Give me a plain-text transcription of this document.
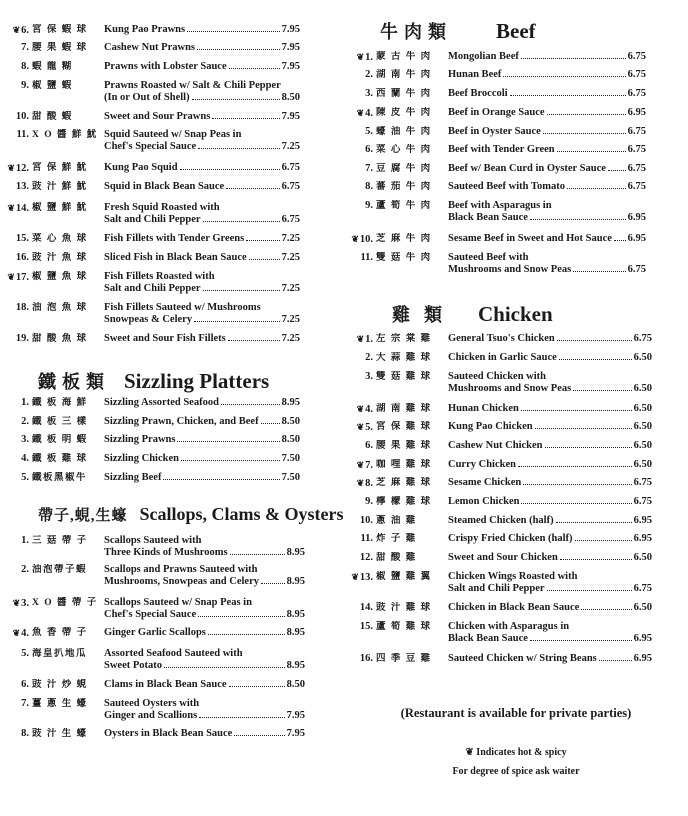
❦6. 宮 保 蝦 球	Kung Pao Prawns	7.95
7. 腰 果 蝦 球	Cashew Nut Prawns	7.95
8. 蝦 龍 糊	Prawns with Lobster Sauce	7.95
9. 椒 鹽 蝦	Prawns Roasted w/ Salt & Chili Pepper
(In or Out of Shell)	8.50
10. 甜 酸 蝦	Sweet and Sour Prawns	7.95
11. X O 醬 鮮 魷 Squid Sauteed w/ Snap Peas in
Chef's Special Sauce	7.25
❦12. 宮 保 鮮 魷	Kung Pao Squid	6.75
13. 豉 汁 鮮 魷	Squid in Black Bean Sauce	6.75
❦14. 椒 鹽 鮮 魷	Fresh Squid Roasted with
Salt and Chili Pepper	6.75
15. 菜 心 魚 球	Fish Fillets with Tender Greens	7.25
16. 豉 汁 魚 球	Sliced Fish in Black Bean Sauce	7.25
❦17. 椒 鹽 魚 球	Fish Fillets Roasted with
Salt and Chili Pepper	7.25
18. 油 泡 魚 球	Fish Fillets Sauteed w/ Mushrooms
Snowpeas & Celery	7.25
19. 甜 酸 魚 球	Sweet and Sour Fish Fillets	7.25
鐵板類 Sizzling Platters
1. 鐵 板 海 鮮	Sizzling Assorted Seafood	8.95
2. 鐵 板 三 樣	Sizzling Prawn, Chicken, and Beef 8.50
3. 鐵 板 明 蝦	Sizzling Prawns	8.50
4. 鐵 板 雞 球	Sizzling Chicken	7.50
5. 鐵板黑椒牛	Sizzling Beef	7.50
帶子,蜆,生蠔 Scallops, Clams & Oysters
1. 三 菇 帶 子	Scallops Sauteed with
Three Kinds of Mushrooms	8.95
2. 油泡帶子蝦	Scallops and Prawns Sauteed with
Mushrooms, Snowpeas and Celery	8.95
❦3. X O 醬 帶 子 Scallops Sauteed w/ Snap Peas in
Chef's Special Sauce	8.95
❦4. 魚 香 帶 子	Ginger Garlic Scallops	8.95
5. 海皇扒地瓜	Assorted Seafood Sauteed with
Sweet Potato	8.95
6. 豉 汁 炒 蜆	Clams in Black Bean Sauce	8.50
7. 薑 蔥 生 蠔	Sauteed Oysters with
Ginger and Scallions	7.95
8. 豉 汁 生 蠔	Oysters in Black Bean Sauce	7.95
牛肉類 Beef
❦1. 蒙 古 牛 肉	Mongolian Beef	6.75
2. 湖 南 牛 肉	Hunan Beef	6.75
3. 西 蘭 牛 肉	Beef Broccoli	6.75
❦4. 陳 皮 牛 肉	Beef in Orange Sauce	6.95
5. 蠔 油 牛 肉	Beef in Oyster Sauce	6.75
6. 菜 心 牛 肉	Beef with Tender Green	6.75
7. 豆 腐 牛 肉	Beef w/ Bean Curd in Oyster Sauce 6.75
8. 蕃 茄 牛 肉	Sauteed Beef with Tomato	6.75
9. 蘆 筍 牛 肉	Beef with Asparagus in
Black Bean Sauce	6.95
❦10. 芝 麻 牛 肉	Sesame Beef in Sweet and Hot Sauce 6.95
11. 雙 菇 牛 肉	Sauteed Beef with
Mushrooms and Snow Peas	6.75
雞類 Chicken
❦1. 左 宗 棠 雞	General Tsuo's Chicken	6.75
2. 大 蒜 雞 球	Chicken in Garlic Sauce	6.50
3. 雙 菇 雞 球	Sauteed Chicken with
Mushrooms and Snow Peas	6.50
❦4. 湖 南 雞 球	Hunan Chicken	6.50
❦5. 宮 保 雞 球	Kung Pao Chicken	6.50
6. 腰 果 雞 球	Cashew Nut Chicken	6.50
❦7. 咖 哩 雞 球	Curry Chicken	6.50
❦8. 芝 麻 雞 球	Sesame Chicken	6.75
9. 檸 檬 雞 球	Lemon Chicken	6.75
10. 蔥 油 雞	Steamed Chicken (half)	6.95
11. 炸 子 雞	Crispy Fried Chicken (half)	6.95
12. 甜 酸 雞	Sweet and Sour Chicken	6.50
❦13. 椒 鹽 雞 翼	Chicken Wings Roasted with
Salt and Chili Pepper	6.75
14. 豉 汁 雞 球	Chicken in Black Bean Sauce	6.50
15. 蘆 筍 雞 球	Chicken with Asparagus in
Black Bean Sauce	6.95
16. 四 季 豆 雞	Sauteed Chicken w/ String Beans	6.95
(Restaurant is available for private parties)
❦ Indicates hot & spicy
For degree of spice ask waiter
